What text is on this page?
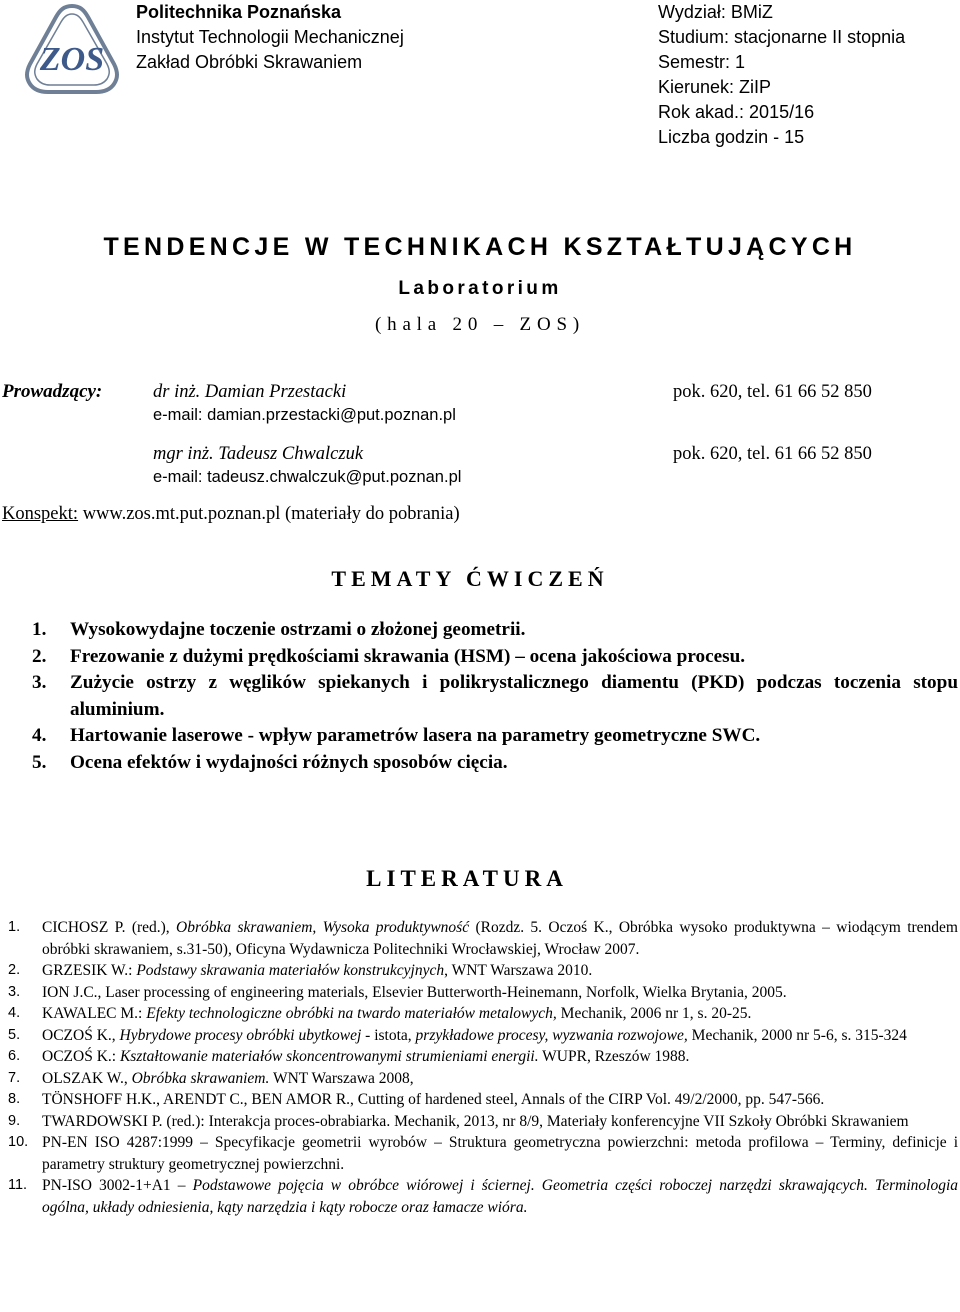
ZOS
Politechnika Poznańska
Instytut Technologii Mechanicznej
Zakład Obróbki Skrawaniem
Wydział: BMiZ
Studium: stacjonarne II stopnia
Semestr: 1
Kierunek: ZiIP
Rok akad.: 2015/16
Liczba godzin - 15
TENDENCJE W TECHNIKACH KSZTAŁTUJĄCYCH
Laboratorium
(hala 20 – ZOS)
Prowadzący:	dr inż. Damian Przestacki
e-mail: damian.przestacki@put.poznan.pl
pok. 620, tel. 61 66 52 850
mgr inż. Tadeusz Chwalczuk
e-mail: tadeusz.chwalczuk@put.poznan.pl
pok. 620, tel. 61 66 52 850
Konspekt: www.zos.mt.put.poznan.pl (materiały do pobrania)
TEMATY ĆWICZEŃ
1. Wysokowydajne toczenie ostrzami o złożonej geometrii.
2. Frezowanie z dużymi prędkościami skrawania (HSM) – ocena jakościowa procesu.
3. Zużycie ostrzy z węglików spiekanych i polikrystalicznego diamentu (PKD) podczas toczenia stopu aluminium.
4. Hartowanie laserowe - wpływ parametrów lasera na parametry geometryczne SWC.
5. Ocena efektów i wydajności różnych sposobów cięcia.
LITERATURA
1. CICHOSZ P. (red.), Obróbka skrawaniem, Wysoka produktywność (Rozdz. 5. Oczoś K., Obróbka wysoko produktywna – wiodącym trendem obróbki skrawaniem, s.31-50), Oficyna Wydawnicza Politechniki Wrocławskiej, Wrocław 2007.
2. GRZESIK W.: Podstawy skrawania materiałów konstrukcyjnych, WNT Warszawa 2010.
3. ION J.C., Laser processing of engineering materials, Elsevier Butterworth-Heinemann, Norfolk, Wielka Brytania, 2005.
4. KAWALEC M.: Efekty technologiczne obróbki na twardo materiałów metalowych, Mechanik, 2006 nr 1, s. 20-25.
5. OCZOŚ K., Hybrydowe procesy obróbki ubytkowej - istota, przykładowe procesy, wyzwania rozwojowe, Mechanik, 2000 nr 5-6, s. 315-324
6. OCZOŚ K.: Kształtowanie materiałów skoncentrowanymi strumieniami energii. WUPR, Rzeszów 1988.
7. OLSZAK W., Obróbka skrawaniem. WNT Warszawa 2008,
8. TÖNSHOFF H.K., ARENDT C., BEN AMOR R., Cutting of hardened steel, Annals of the CIRP Vol. 49/2/2000, pp. 547-566.
9. TWARDOWSKI P. (red.): Interakcja proces-obrabiarka. Mechanik, 2013, nr 8/9, Materiały konferencyjne VII Szkoły Obróbki Skrawaniem
10. PN-EN ISO 4287:1999 – Specyfikacje geometrii wyrobów – Struktura geometryczna powierzchni: metoda profilowa – Terminy, definicje i parametry struktury geometrycznej powierzchni.
11. PN-ISO 3002-1+A1 – Podstawowe pojęcia w obróbce wiórowej i ściernej. Geometria części roboczej narzędzi skrawających. Terminologia ogólna, układy odniesienia, kąty narzędzia i kąty robocze oraz łamacze wióra.
